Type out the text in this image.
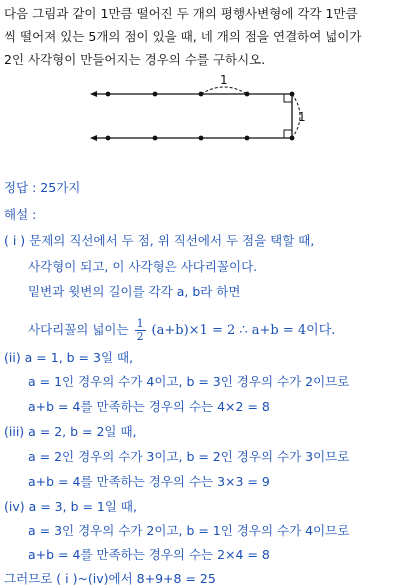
다음 그림과 같이 1만큼 떨어진 두 개의 평행사변형에 각각 1만큼
씩 떨어져 있는 5개의 점이 있을 때, 네 개의 점을 연결하여 넓이가
2인 사각형이 만들어지는 경우의 수를 구하시오.
1
1
정답 : 25가지
해설 :
( i ) 문제의 직선에서 두 점, 위 직선에서 두 점을 택할 때,
사각형이 되고, 이 사각형은 사다리꼴이다.
밑변과 윗변의 길이를 각각 a, b라 하면
사다리꼴의 넓이는 $\frac{1}{2} (a+b)\times 1 = 2$ ∴ a+b = 4이다.
(ii) a = 1, b = 3일 때,
a = 1인 경우의 수가 4이고, b = 3인 경우의 수가 2이므로
a+b = 4를 만족하는 경우의 수는 4×2 = 8
(iii) a = 2, b = 2일 때,
a = 2인 경우의 수가 3이고, b = 2인 경우의 수가 3이므로
a+b = 4를 만족하는 경우의 수는 3×3 = 9
(iv) a = 3, b = 1일 때,
a = 3인 경우의 수가 2이고, b = 1인 경우의 수가 4이므로
a+b = 4를 만족하는 경우의 수는 2×4 = 8
그러므로 ( i )~(iv)에서 8+9+8 = 25
